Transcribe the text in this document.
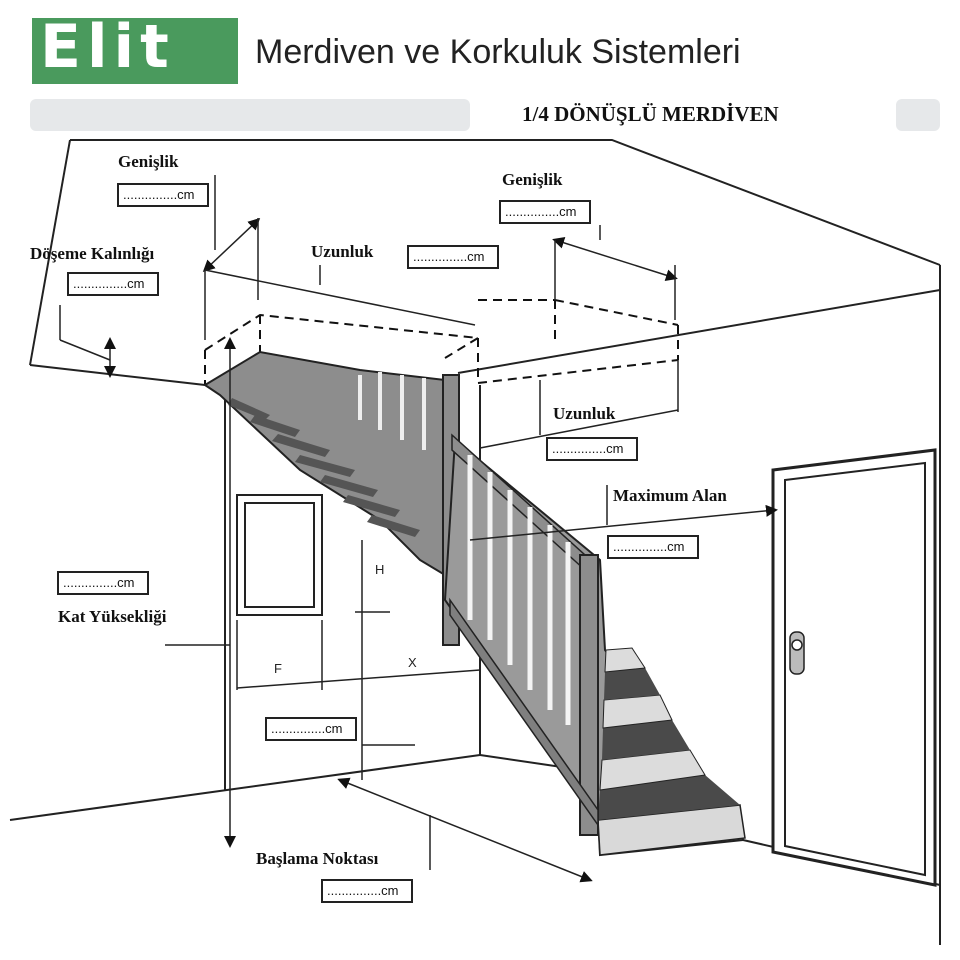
Elit	Merdiven ve Korkuluk Sistemleri
1/4 DÖNÜŞLÜ MERDİVEN
Genişlik
...............cm
Genişlik
...............cm
Döşeme Kalınlığı
...............cm
Uzunluk	...............cm
Uzunluk
...............cm
Maximum Alan
...............cm
...............cm
Kat Yüksekliği
H
F	X
...............cm
Başlama Noktası
...............cm
